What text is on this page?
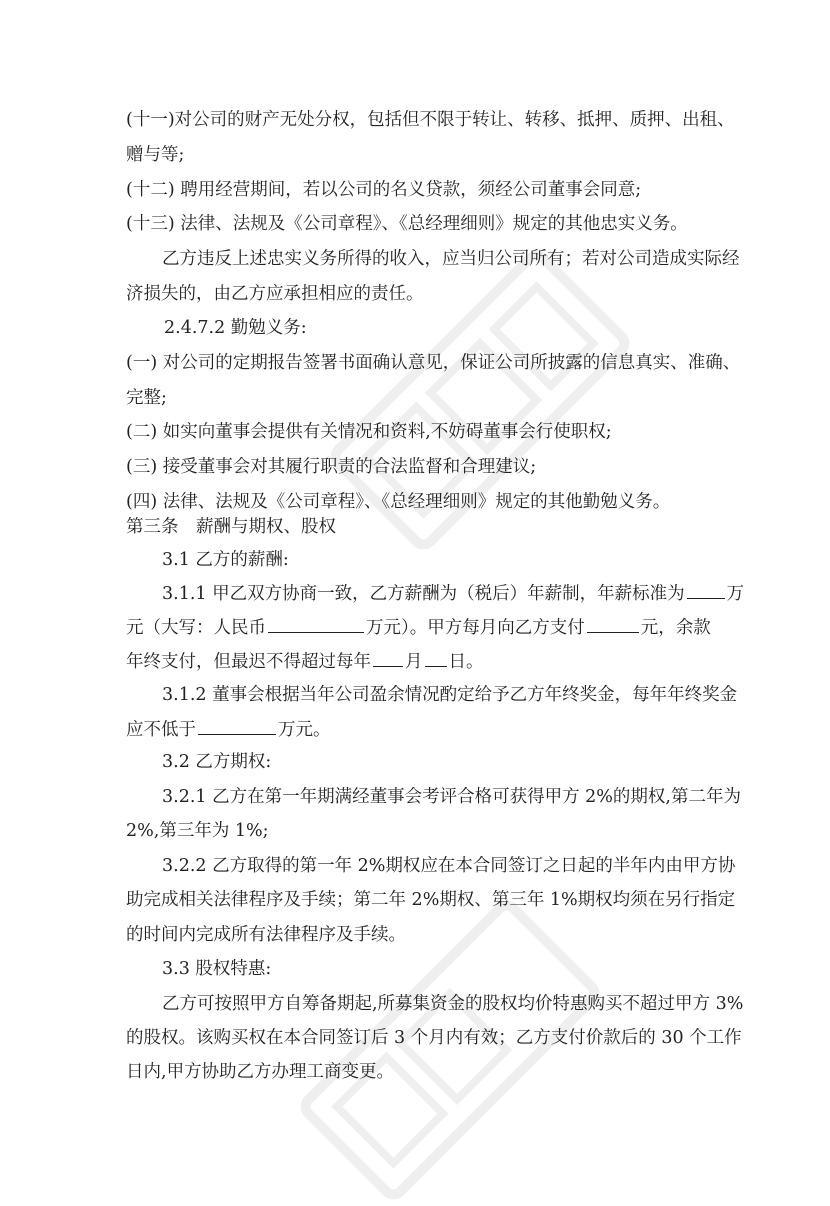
(十一)对公司的财产无处分权，包括但不限于转让、转移、抵押、质押、出租、
赠与等;
(十二) 聘用经营期间，若以公司的名义贷款，须经公司董事会同意;
(十三) 法律、法规及《公司章程》、《总经理细则》规定的其他忠实义务。
乙方违反上述忠实义务所得的收入，应当归公司所有；若对公司造成实际经
济损失的，由乙方应承担相应的责任。
2.4.7.2 勤勉义务:
(一) 对公司的定期报告签署书面确认意见，保证公司所披露的信息真实、准确、
完整;
(二) 如实向董事会提供有关情况和资料,不妨碍董事会行使职权;
(三) 接受董事会对其履行职责的合法监督和合理建议;
(四) 法律、法规及《公司章程》、《总经理细则》规定的其他勤勉义务。
第三条　薪酬与期权、股权
3.1 乙方的薪酬:
3.1.1 甲乙双方协商一致，乙方薪酬为（税后）年薪制，年薪标准为 万
元（大写：人民币	万元）。甲方每月向乙方支付	元，余款
年终支付，但最迟不得超过每年 月 日。
3.1.2 董事会根据当年公司盈余情况酌定给予乙方年终奖金，每年年终奖金
应不低于	万元。
3.2 乙方期权:
3.2.1 乙方在第一年期满经董事会考评合格可获得甲方 2%的期权,第二年为
2%,第三年为 1%;
3.2.2 乙方取得的第一年 2%期权应在本合同签订之日起的半年内由甲方协
助完成相关法律程序及手续；第二年 2%期权、第三年 1%期权均须在另行指定
的时间内完成所有法律程序及手续。
3.3 股权特惠:
乙方可按照甲方自筹备期起,所募集资金的股权均价特惠购买不超过甲方 3%
的股权。该购买权在本合同签订后 3 个月内有效；乙方支付价款后的 30 个工作
日内,甲方协助乙方办理工商变更。
